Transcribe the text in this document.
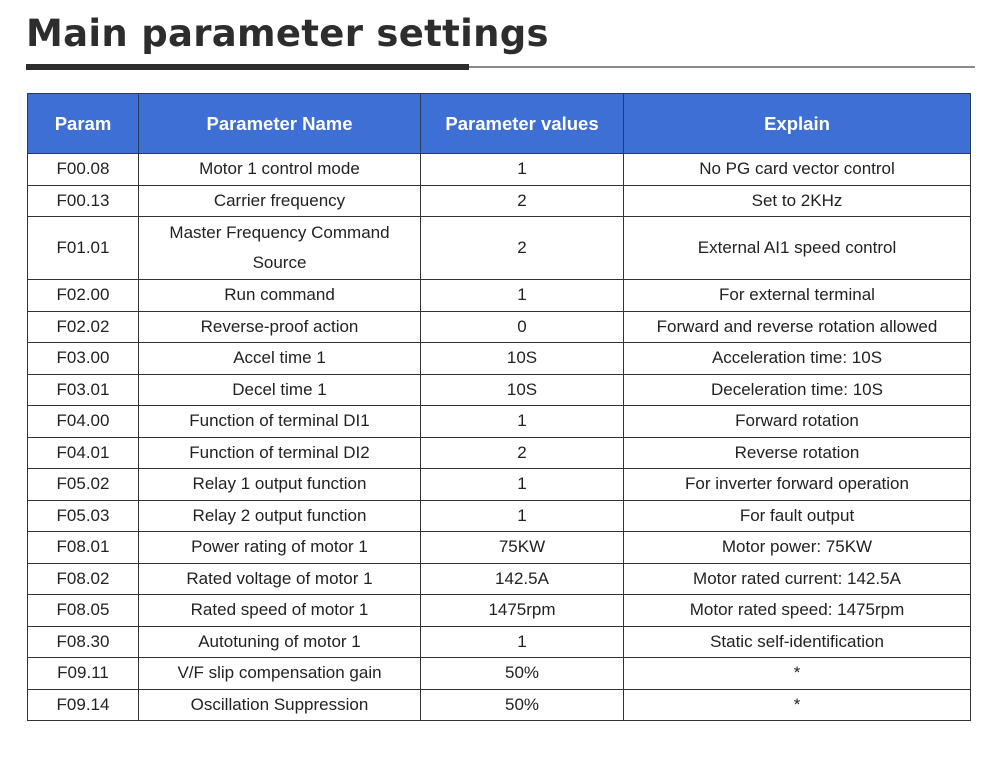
Main parameter settings
Param	Parameter Name	Parameter values	Explain
F00.08	Motor 1 control mode	1	No PG card vector control
F00.13	Carrier frequency	2	Set to 2KHz
F01.01	Master Frequency Command Source	2	External AI1 speed control
F02.00	Run command	1	For external terminal
F02.02	Reverse-proof action	0	Forward and reverse rotation allowed
F03.00	Accel time 1	10S	Acceleration time: 10S
F03.01	Decel time 1	10S	Deceleration time: 10S
F04.00	Function of terminal DI1	1	Forward rotation
F04.01	Function of terminal DI2	2	Reverse rotation
F05.02	Relay 1 output function	1	For inverter forward operation
F05.03	Relay 2 output function	1	For fault output
F08.01	Power rating of motor 1	75KW	Motor power: 75KW
F08.02	Rated voltage of motor 1	142.5A	Motor rated current: 142.5A
F08.05	Rated speed of motor 1	1475rpm	Motor rated speed: 1475rpm
F08.30	Autotuning of motor 1	1	Static self-identification
F09.11	V/F slip compensation gain	50%	*
F09.14	Oscillation Suppression	50%	*
